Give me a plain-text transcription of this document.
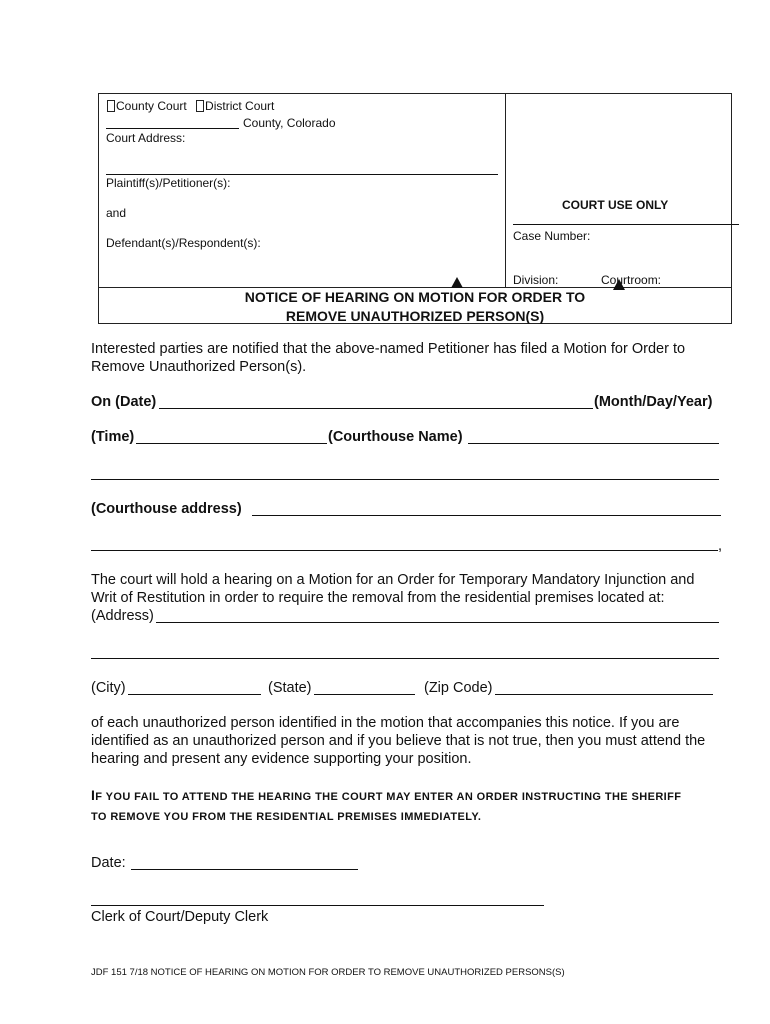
County Court District Court
County, Colorado
Court Address:
Plaintiff(s)/Petitioner(s):
and
Defendant(s)/Respondent(s):
COURT USE ONLY
Case Number:
Division:	Courtroom:
NOTICE OF HEARING ON MOTION FOR ORDER TO
REMOVE UNAUTHORIZED PERSON(S)
Interested parties are notified that the above-named Petitioner has filed a Motion for Order to Remove Unauthorized Person(s).
On (Date)	(Month/Day/Year)
(Time)	(Courthouse Name)
(Courthouse address)
,
The court will hold a hearing on a Motion for an Order for Temporary Mandatory Injunction and
Writ of Restitution in order to require the removal from the residential premises located at:
(Address)
(City)	(State)	(Zip Code)
of each unauthorized person identified in the motion that accompanies this notice. If you are identified as an unauthorized person and if you believe that is not true, then you must attend the hearing and present any evidence supporting your position.
IF YOU FAIL TO ATTEND THE HEARING THE COURT MAY ENTER AN ORDER INSTRUCTING THE SHERIFF
TO REMOVE YOU FROM THE RESIDENTIAL PREMISES IMMEDIATELY.
Date:
Clerk of Court/Deputy Clerk
JDF 151 7/18 NOTICE OF HEARING ON MOTION FOR ORDER TO REMOVE UNAUTHORIZED PERSONS(S)
